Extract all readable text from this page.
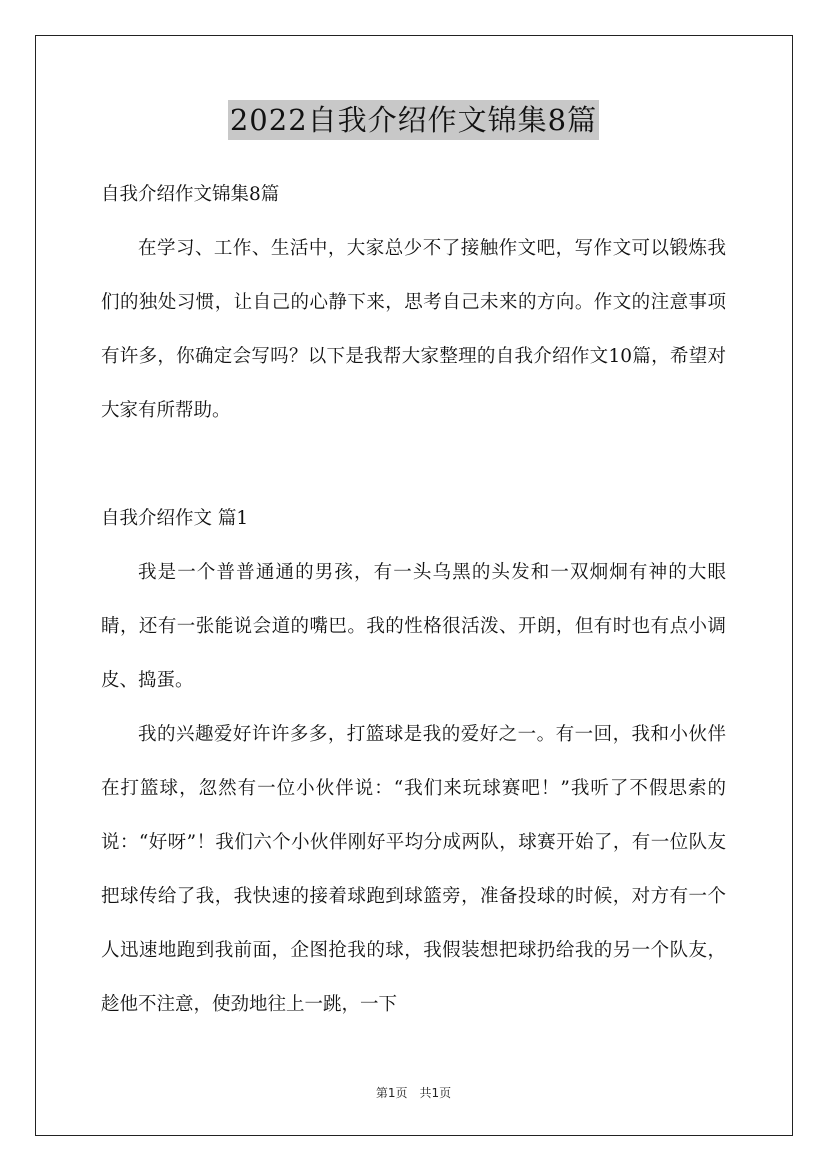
2022自我介绍作文锦集8篇

自我介绍作文锦集8篇

在学习、工作、生活中，大家总少不了接触作文吧，写作文可以锻炼我们的独处习惯，让自己的心静下来，思考自己未来的方向。作文的注意事项有许多，你确定会写吗？以下是我帮大家整理的自我介绍作文10篇，希望对大家有所帮助。

自我介绍作文 篇1

我是一个普普通通的男孩，有一头乌黑的头发和一双炯炯有神的大眼睛，还有一张能说会道的嘴巴。我的性格很活泼、开朗，但有时也有点小调皮、捣蛋。

我的兴趣爱好许许多多，打篮球是我的爱好之一。有一回，我和小伙伴在打篮球，忽然有一位小伙伴说：“我们来玩球赛吧！”我听了不假思索的说：“好呀”！我们六个小伙伴刚好平均分成两队，球赛开始了，有一位队友把球传给了我，我快速的接着球跑到球篮旁，准备投球的时候，对方有一个人迅速地跑到我前面，企图抢我的球，我假装想把球扔给我的另一个队友，趁他不注意，使劲地往上一跳，一下

第1页 共1页
